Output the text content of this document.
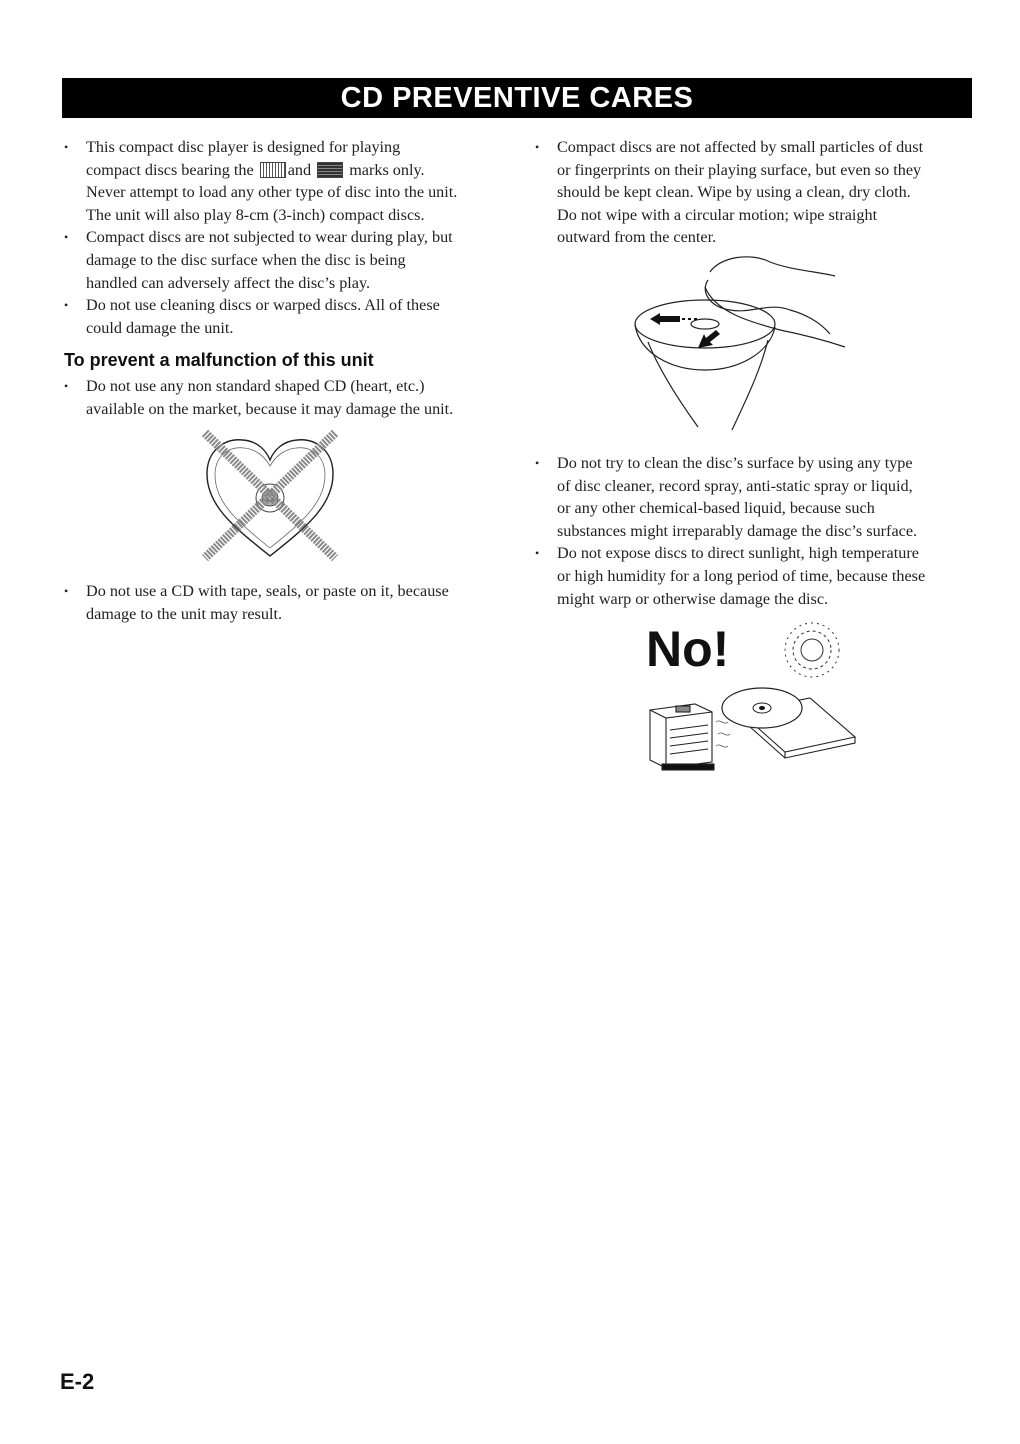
CD PREVENTIVE CARES
• This compact disc player is designed for playing
compact discs bearing the and marks only.
Never attempt to load any other type of disc into the unit.
The unit will also play 8-cm (3-inch) compact discs.
• Compact discs are not subjected to wear during play, but
damage to the disc surface when the disc is being
handled can adversely affect the disc’s play.
• Do not use cleaning discs or warped discs. All of these
could damage the unit.
To prevent a malfunction of this unit
• Do not use any non standard shaped CD (heart, etc.)
available on the market, because it may damage the unit.
• Do not use a CD with tape, seals, or paste on it, because
damage to the unit may result.
• Compact discs are not affected by small particles of dust
or fingerprints on their playing surface, but even so they
should be kept clean. Wipe by using a clean, dry cloth.
Do not wipe with a circular motion; wipe straight
outward from the center.
• Do not try to clean the disc’s surface by using any type
of disc cleaner, record spray, anti-static spray or liquid,
or any other chemical-based liquid, because such
substances might irreparably damage the disc’s surface.
• Do not expose discs to direct sunlight, high temperature
or high humidity for a long period of time, because these
might warp or otherwise damage the disc.
No!
E-2
